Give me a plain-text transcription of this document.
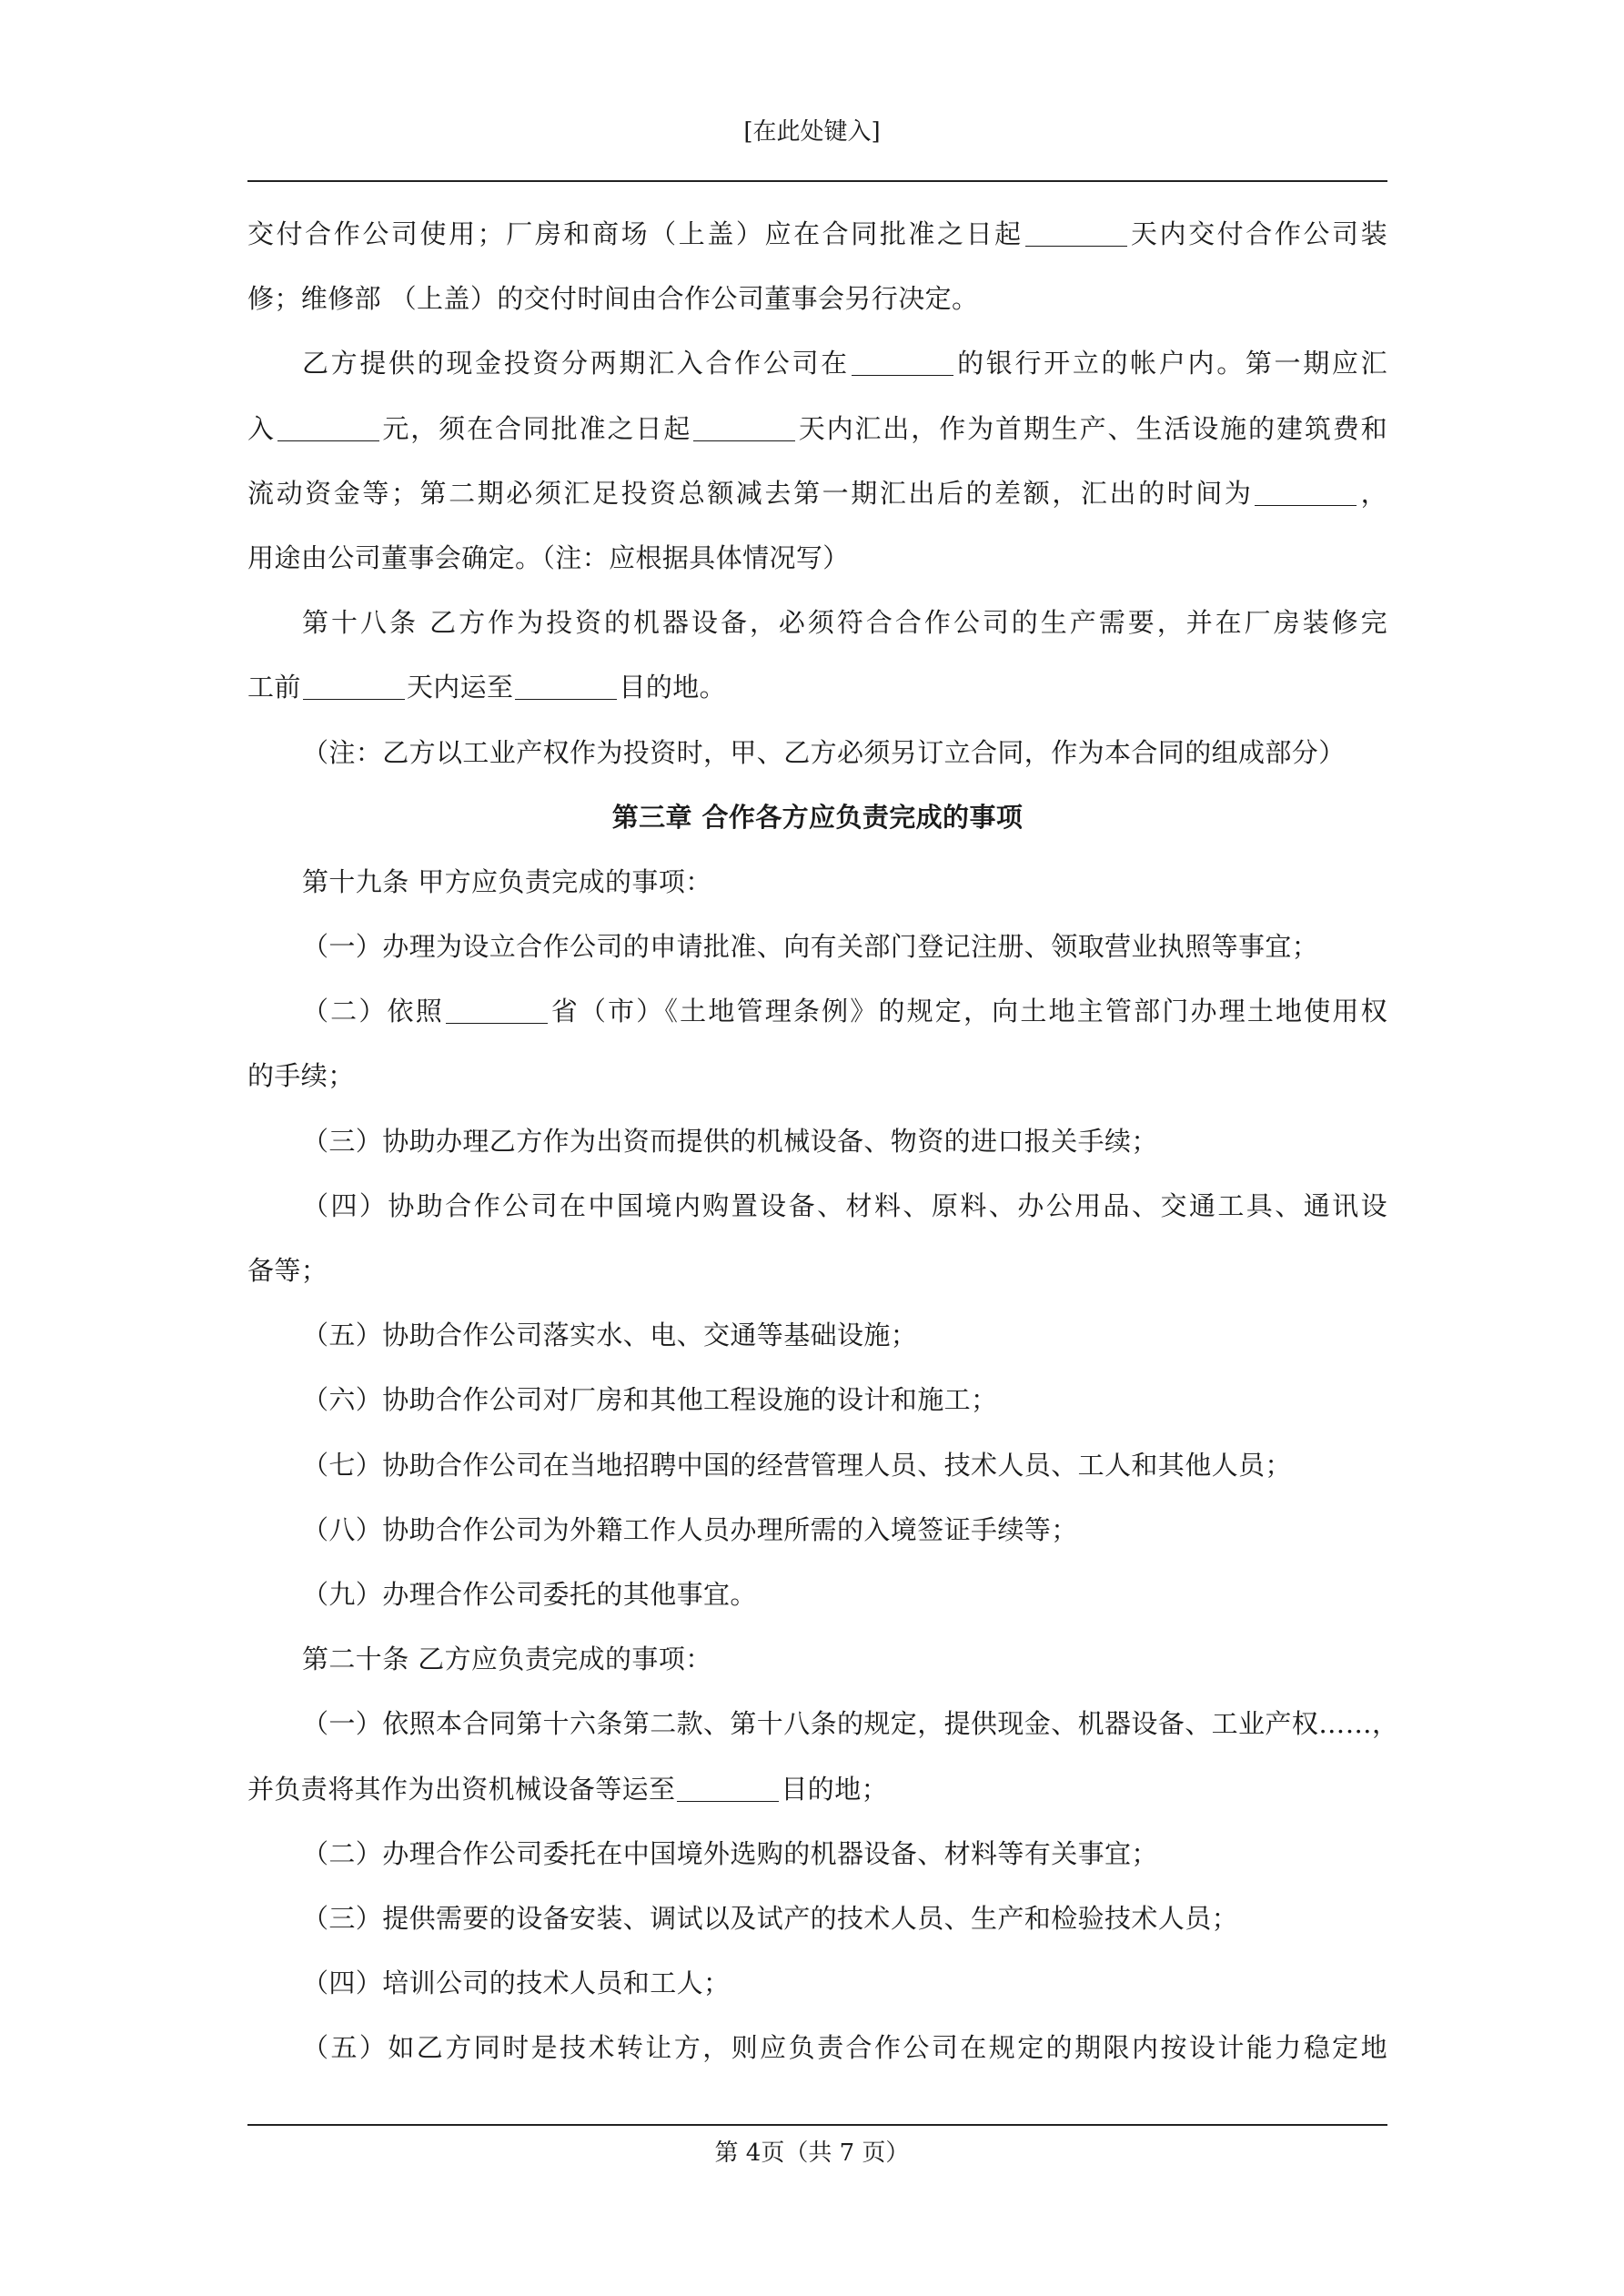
[在此处键入]
交付合作公司使用；厂房和商场（上盖）应在合同批准之日起	天内交付合作公司装
修；维修部 （上盖）的交付时间由合作公司董事会另行决定。
乙方提供的现金投资分两期汇入合作公司在	的银行开立的帐户内。第一期应汇
入	元，须在合同批准之日起	天内汇出，作为首期生产、生活设施的建筑费和
流动资金等；第二期必须汇足投资总额减去第一期汇出后的差额，汇出的时间为	，
用途由公司董事会确定。（注：应根据具体情况写）
第十八条 乙方作为投资的机器设备，必须符合合作公司的生产需要，并在厂房装修完
工前	天内运至	目的地。
（注：乙方以工业产权作为投资时，甲、乙方必须另订立合同，作为本合同的组成部分）
第三章 合作各方应负责完成的事项
第十九条 甲方应负责完成的事项：
（一）办理为设立合作公司的申请批准、向有关部门登记注册、领取营业执照等事宜；
（二）依照	省（市）《土地管理条例》的规定，向土地主管部门办理土地使用权
的手续；
（三）协助办理乙方作为出资而提供的机械设备、物资的进口报关手续；
（四）协助合作公司在中国境内购置设备、材料、原料、办公用品、交通工具、通讯设
备等；
（五）协助合作公司落实水、电、交通等基础设施；
（六）协助合作公司对厂房和其他工程设施的设计和施工；
（七）协助合作公司在当地招聘中国的经营管理人员、技术人员、工人和其他人员；
（八）协助合作公司为外籍工作人员办理所需的入境签证手续等；
（九）办理合作公司委托的其他事宜。
第二十条 乙方应负责完成的事项：
（一）依照本合同第十六条第二款、第十八条的规定，提供现金、机器设备、工业产权……，
并负责将其作为出资机械设备等运至	目的地；
（二）办理合作公司委托在中国境外选购的机器设备、材料等有关事宜；
（三）提供需要的设备安装、调试以及试产的技术人员、生产和检验技术人员；
（四）培训公司的技术人员和工人；
（五）如乙方同时是技术转让方，则应负责合作公司在规定的期限内按设计能力稳定地
第 4页（共 7 页）
